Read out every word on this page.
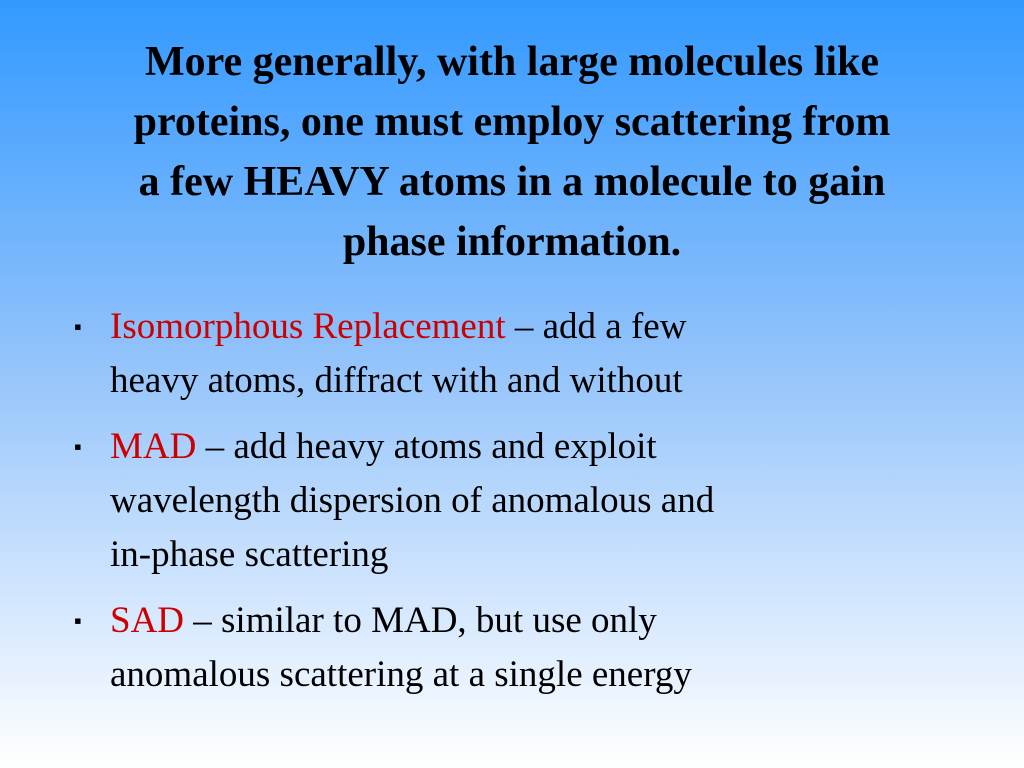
More generally, with large molecules like
proteins, one must employ scattering from
a few HEAVY atoms in a molecule to gain
phase information.
▪ Isomorphous Replacement – add a few
heavy atoms, diffract with and without
▪ MAD – add heavy atoms and exploit
wavelength dispersion of anomalous and
in-phase scattering
▪ SAD – similar to MAD, but use only
anomalous scattering at a single energy
